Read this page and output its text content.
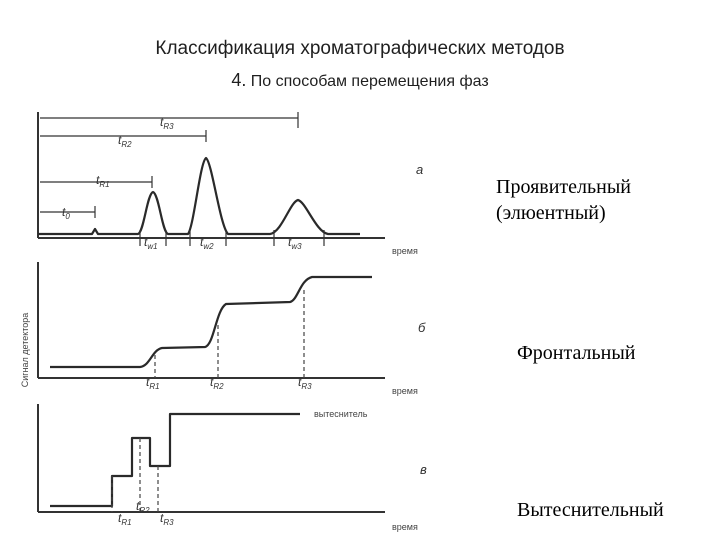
Классификация хроматографических методов
4. По способам перемещения фаз
Сигнал детектора
$t_{R3}$
$t_{R2}$
$t_{R1}$
$t_0$
$t_{w1}$	$t_{w2}$	$t_{w3}$
а
время
$t_{R1}$	$t_{R2}$	$t_{R3}$
б
время
$t_{R1}$
$t_{R2}$
$t_{R3}$
вытеснитель
в
время
Проявительный (элюентный)
Фронтальный
Вытеснительный
